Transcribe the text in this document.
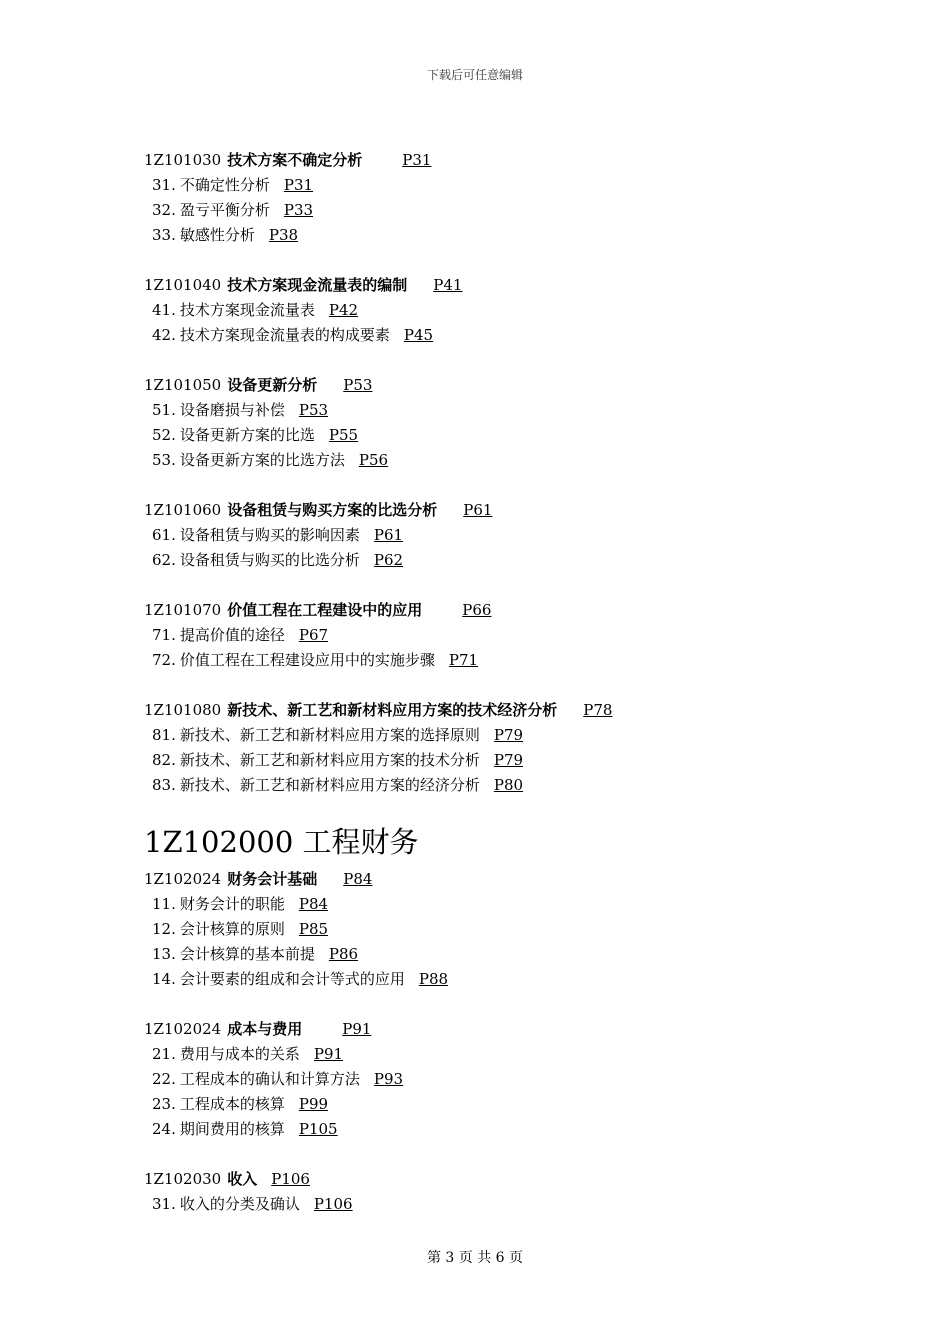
下载后可任意编辑
1Z101030 技术方案不确定分析	P31
31. 不确定性分析 P31
32. 盈亏平衡分析 P33
33. 敏感性分析 P38
1Z101040 技术方案现金流量表的编制 P41
41. 技术方案现金流量表 P42
42. 技术方案现金流量表的构成要素 P45
1Z101050 设备更新分析 P53
51. 设备磨损与补偿 P53
52. 设备更新方案的比选 P55
53. 设备更新方案的比选方法 P56
1Z101060 设备租赁与购买方案的比选分析 P61
61. 设备租赁与购买的影响因素 P61
62. 设备租赁与购买的比选分析 P62
1Z101070 价值工程在工程建设中的应用	P66
71. 提高价值的途径 P67
72. 价值工程在工程建设应用中的实施步骤 P71
1Z101080 新技术、新工艺和新材料应用方案的技术经济分析 P78
81. 新技术、新工艺和新材料应用方案的选择原则 P79
82. 新技术、新工艺和新材料应用方案的技术分析 P79
83. 新技术、新工艺和新材料应用方案的经济分析 P80
1Z102000 工程财务
1Z102024 财务会计基础 P84
11. 财务会计的职能 P84
12. 会计核算的原则 P85
13. 会计核算的基本前提 P86
14. 会计要素的组成和会计等式的应用 P88
1Z102024 成本与费用	P91
21. 费用与成本的关系 P91
22. 工程成本的确认和计算方法 P93
23. 工程成本的核算 P99
24. 期间费用的核算 P105
1Z102030 收入 P106
31. 收入的分类及确认 P106
第 3 页 共 6 页
